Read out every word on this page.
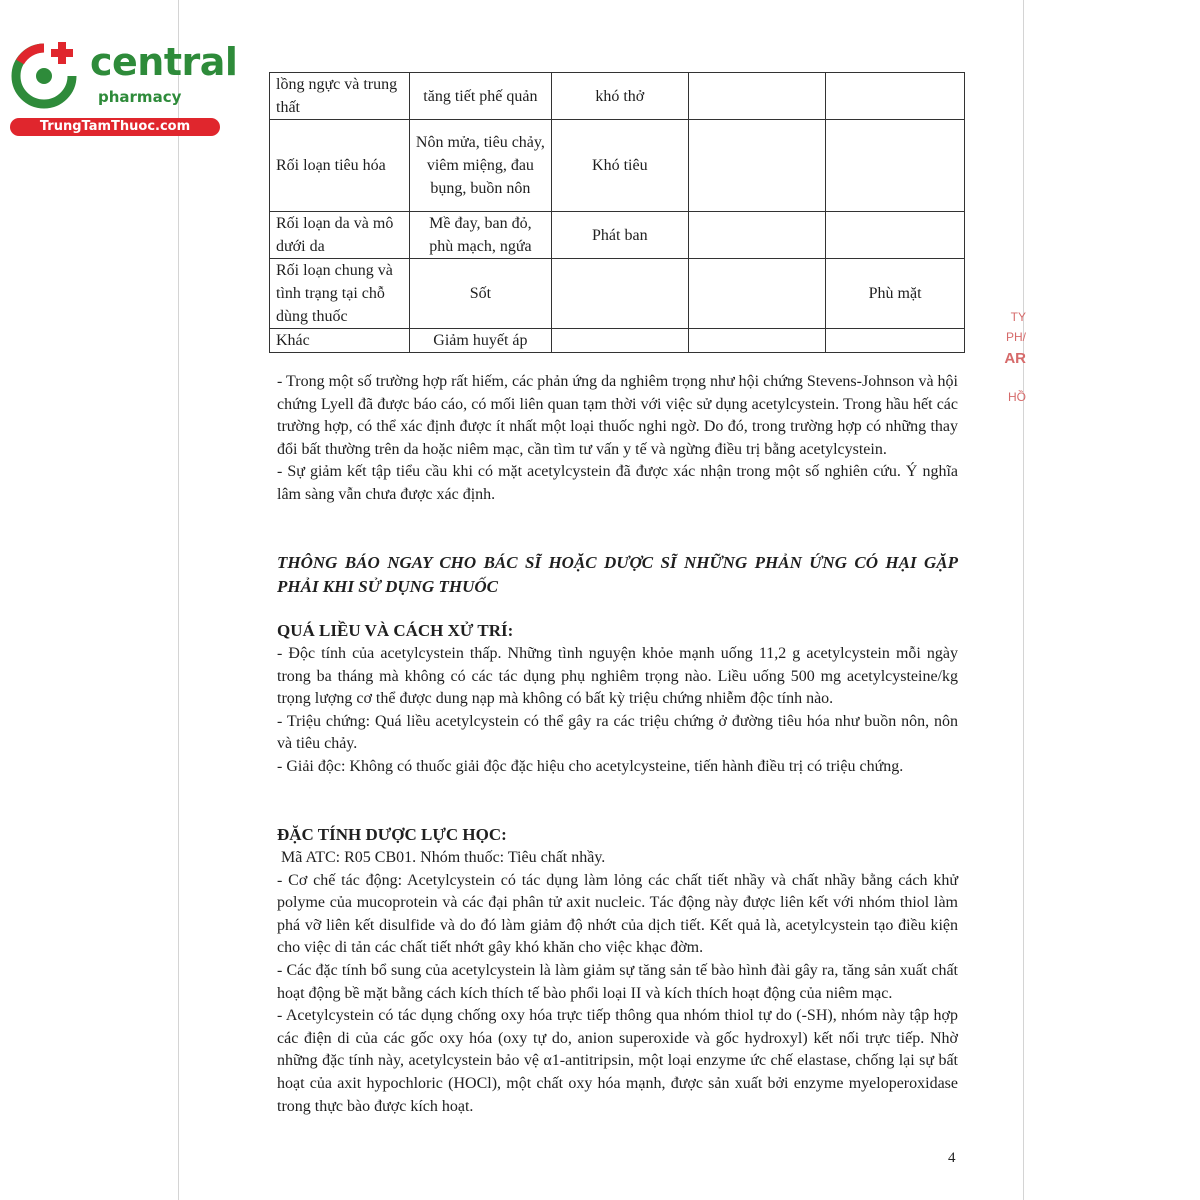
central
pharmacy
TrungTamThuoc.com
lồng ngực và trung thất	tăng tiết phế quản	khó thở		
Rối loạn tiêu hóa	Nôn mửa, tiêu chảy, viêm miệng, đau bụng, buồn nôn	Khó tiêu		
Rối loạn da và mô dưới da	Mề đay, ban đỏ, phù mạch, ngứa	Phát ban		
Rối loạn chung và tình trạng tại chỗ dùng thuốc	Sốt			Phù mặt
Khác	Giảm huyết áp			

- Trong một số trường hợp rất hiếm, các phản ứng da nghiêm trọng như hội chứng Stevens-Johnson và hội chứng Lyell đã được báo cáo, có mối liên quan tạm thời với việc sử dụng acetylcystein. Trong hầu hết các trường hợp, có thể xác định được ít nhất một loại thuốc nghi ngờ. Do đó, trong trường hợp có những thay đổi bất thường trên da hoặc niêm mạc, cần tìm tư vấn y tế và ngừng điều trị bằng acetylcystein.

- Sự giảm kết tập tiểu cầu khi có mặt acetylcystein đã được xác nhận trong một số nghiên cứu. Ý nghĩa lâm sàng vẫn chưa được xác định.

THÔNG BÁO NGAY CHO BÁC SĨ HOẶC DƯỢC SĨ NHỮNG PHẢN ỨNG CÓ HẠI GẶP PHẢI KHI SỬ DỤNG THUỐC
QUÁ LIỀU VÀ CÁCH XỬ TRÍ:

- Độc tính của acetylcystein thấp. Những tình nguyện khỏe mạnh uống 11,2 g acetylcystein mỗi ngày trong ba tháng mà không có các tác dụng phụ nghiêm trọng nào. Liều uống 500 mg acetylcysteine/kg trọng lượng cơ thể được dung nạp mà không có bất kỳ triệu chứng nhiễm độc tính nào.

- Triệu chứng: Quá liều acetylcystein có thể gây ra các triệu chứng ở đường tiêu hóa như buồn nôn, nôn và tiêu chảy.

- Giải độc: Không có thuốc giải độc đặc hiệu cho acetylcysteine, tiến hành điều trị có triệu chứng.

ĐẶC TÍNH DƯỢC LỰC HỌC:

Mã ATC: R05 CB01. Nhóm thuốc: Tiêu chất nhầy.

- Cơ chế tác động: Acetylcystein có tác dụng làm lỏng các chất tiết nhầy và chất nhầy bằng cách khử polyme của mucoprotein và các đại phân tử axit nucleic. Tác động này được liên kết với nhóm thiol làm phá vỡ liên kết disulfide và do đó làm giảm độ nhớt của dịch tiết. Kết quả là, acetylcystein tạo điều kiện cho việc di tản các chất tiết nhớt gây khó khăn cho việc khạc đờm.

- Các đặc tính bổ sung của acetylcystein là làm giảm sự tăng sản tế bào hình đài gây ra, tăng sản xuất chất hoạt động bề mặt bằng cách kích thích tế bào phổi loại II và kích thích hoạt động của niêm mạc.

- Acetylcystein có tác dụng chống oxy hóa trực tiếp thông qua nhóm thiol tự do (-SH), nhóm này tập hợp các điện di của các gốc oxy hóa (oxy tự do, anion superoxide và gốc hydroxyl) kết nối trực tiếp. Nhờ những đặc tính này, acetylcystein bảo vệ α1-antitripsin, một loại enzyme ức chế elastase, chống lại sự bất hoạt của axit hypochloric (HOCl), một chất oxy hóa mạnh, được sản xuất bởi enzyme myeloperoxidase trong thực bào được kích hoạt.

4
TY
PH/
AR
HỒ
